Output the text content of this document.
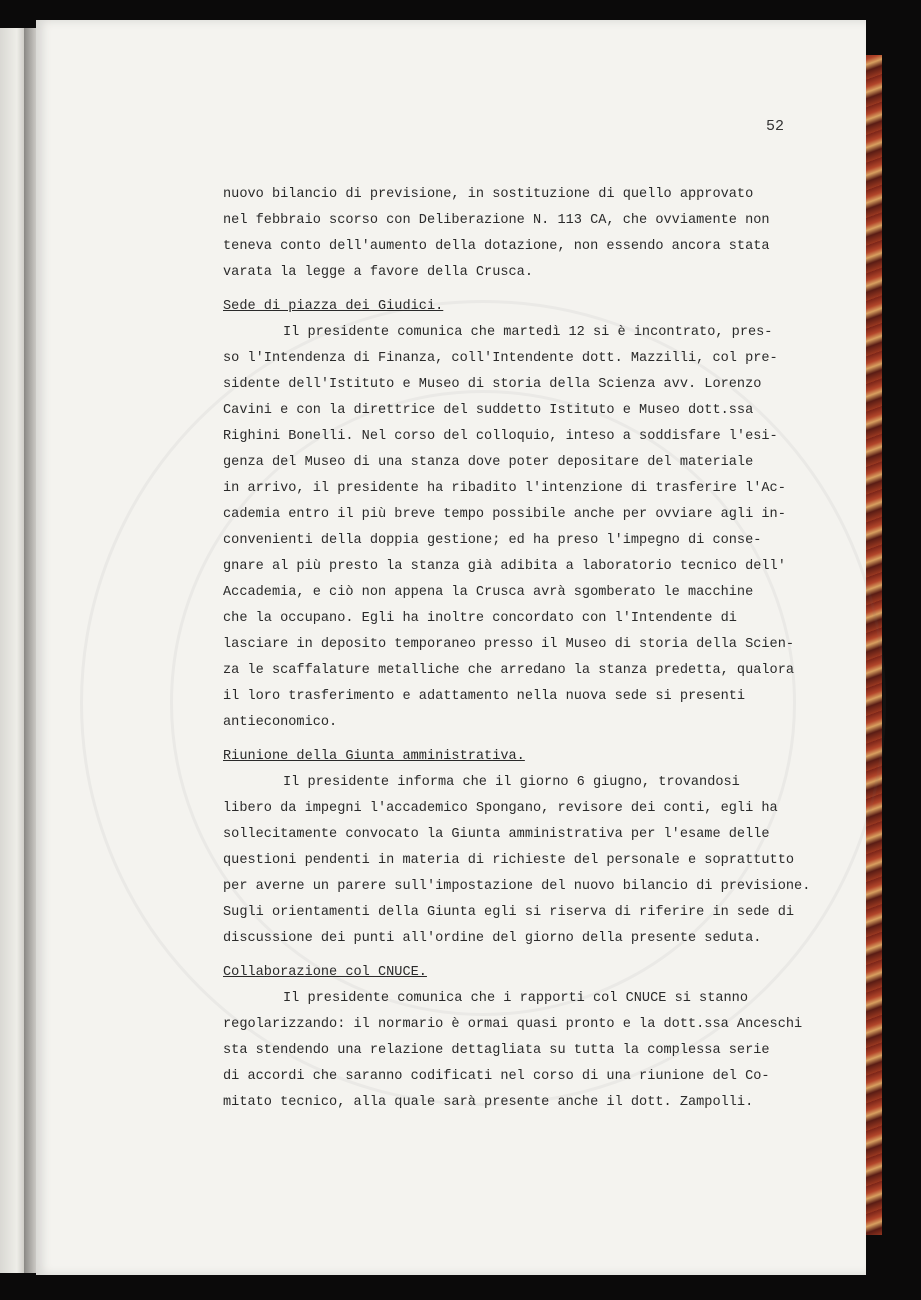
52
nuovo bilancio di previsione, in sostituzione di quello approvato
nel febbraio scorso con Deliberazione N. 113 CA, che ovviamente non
teneva conto dell'aumento della dotazione, non essendo ancora stata
varata la legge a favore della Crusca.
Sede di piazza dei Giudici.
Il presidente comunica che martedì 12 si è incontrato, pres-
so l'Intendenza di Finanza, coll'Intendente dott. Mazzilli, col pre-
sidente dell'Istituto e Museo di storia della Scienza avv. Lorenzo
Cavini e con la direttrice del suddetto Istituto e Museo dott.ssa
Righini Bonelli. Nel corso del colloquio, inteso a soddisfare l'esi-
genza del Museo di una stanza dove poter depositare del materiale
in arrivo, il presidente ha ribadito l'intenzione di trasferire l'Ac-
cademia entro il più breve tempo possibile anche per ovviare agli in-
convenienti della doppia gestione; ed ha preso l'impegno di conse-
gnare al più presto la stanza già adibita a laboratorio tecnico dell'
Accademia, e ciò non appena la Crusca avrà sgomberato le macchine
che la occupano. Egli ha inoltre concordato con l'Intendente di
lasciare in deposito temporaneo presso il Museo di storia della Scien-
za le scaffalature metalliche che arredano la stanza predetta, qualora
il loro trasferimento e adattamento nella nuova sede si presenti
antieconomico.
Riunione della Giunta amministrativa.
Il presidente informa che il giorno 6 giugno, trovandosi
libero da impegni l'accademico Spongano, revisore dei conti, egli ha
sollecitamente convocato la Giunta amministrativa per l'esame delle
questioni pendenti in materia di richieste del personale e soprattutto
per averne un parere sull'impostazione del nuovo bilancio di previsione.
Sugli orientamenti della Giunta egli si riserva di riferire in sede di
discussione dei punti all'ordine del giorno della presente seduta.
Collaborazione col CNUCE.
Il presidente comunica che i rapporti col CNUCE si stanno
regolarizzando: il normario è ormai quasi pronto e la dott.ssa Anceschi
sta stendendo una relazione dettagliata su tutta la complessa serie
di accordi che saranno codificati nel corso di una riunione del Co-
mitato tecnico, alla quale sarà presente anche il dott. Zampolli.
